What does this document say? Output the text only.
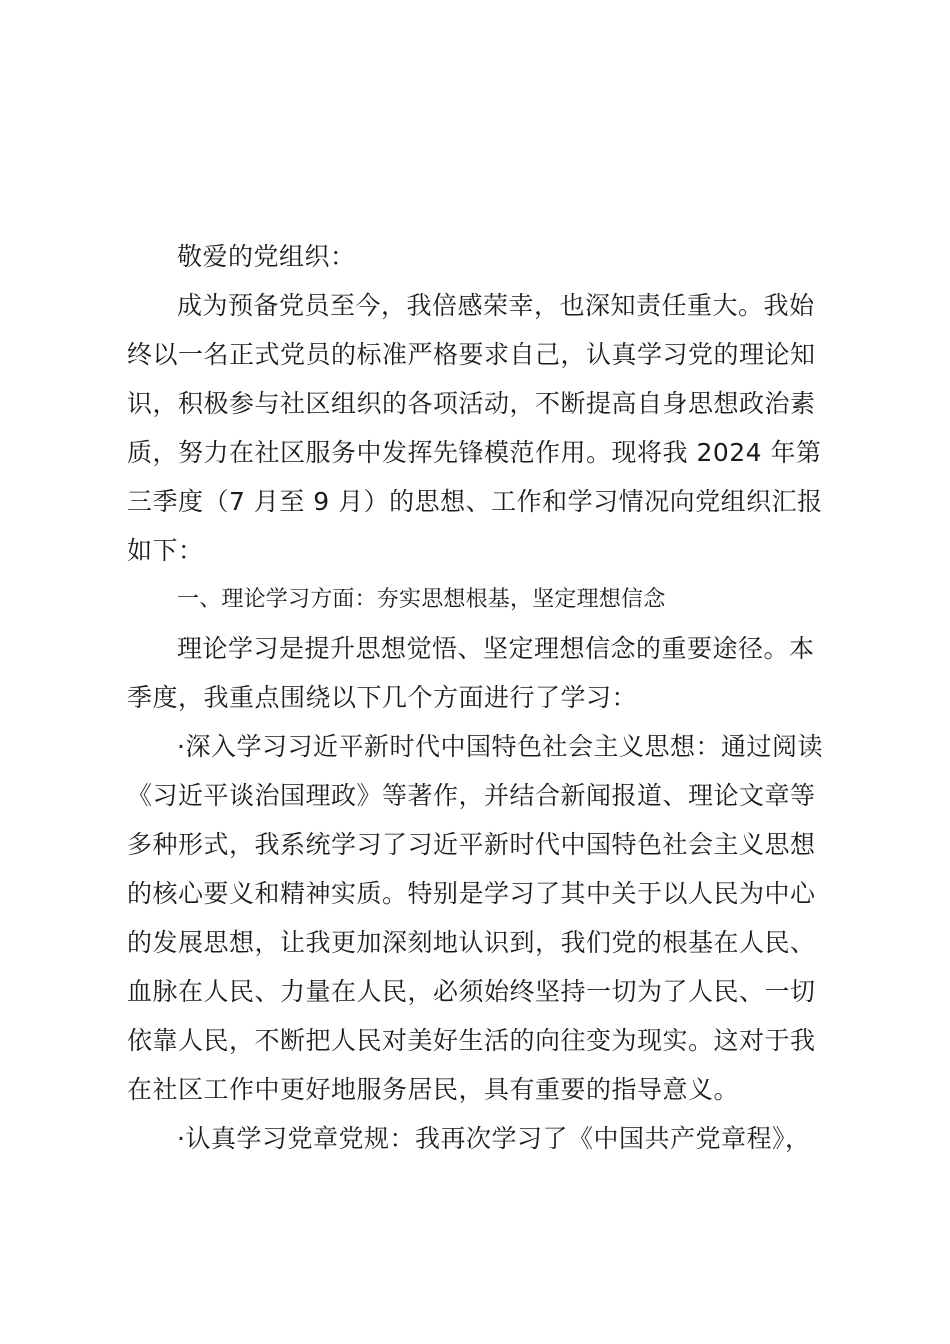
敬爱的党组织：
成为预备党员至今，我倍感荣幸，也深知责任重大。我始
终以一名正式党员的标准严格要求自己，认真学习党的理论知
识，积极参与社区组织的各项活动，不断提高自身思想政治素
质，努力在社区服务中发挥先锋模范作用。现将我 2024 年第
三季度（7 月至 9 月）的思想、工作和学习情况向党组织汇报
如下：
一、理论学习方面：夯实思想根基，坚定理想信念
理论学习是提升思想觉悟、坚定理想信念的重要途径。本
季度，我重点围绕以下几个方面进行了学习：
·深入学习习近平新时代中国特色社会主义思想：通过阅读
《习近平谈治国理政》等著作，并结合新闻报道、理论文章等
多种形式，我系统学习了习近平新时代中国特色社会主义思想
的核心要义和精神实质。特别是学习了其中关于以人民为中心
的发展思想，让我更加深刻地认识到，我们党的根基在人民、
血脉在人民、力量在人民，必须始终坚持一切为了人民、一切
依靠人民，不断把人民对美好生活的向往变为现实。这对于我
在社区工作中更好地服务居民，具有重要的指导意义。
·认真学习党章党规：我再次学习了《中国共产党章程》，
